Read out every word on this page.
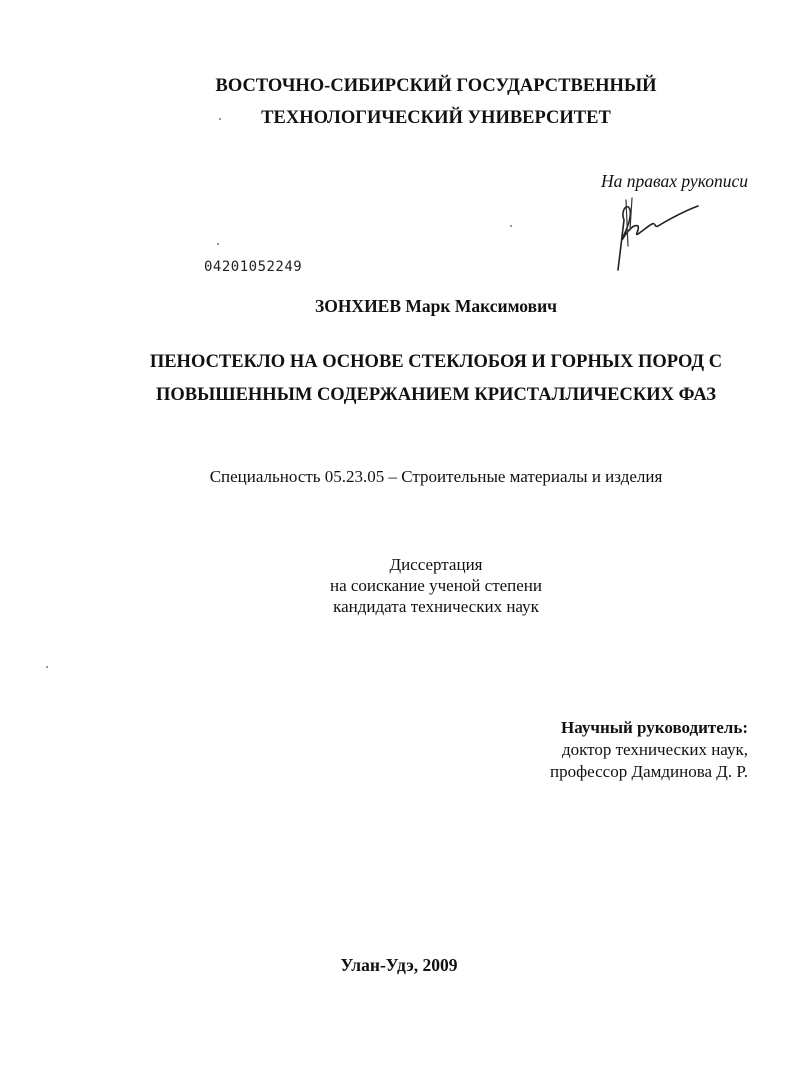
ВОСТОЧНО-СИБИРСКИЙ ГОСУДАРСТВЕННЫЙ
ТЕХНОЛОГИЧЕСКИЙ УНИВЕРСИТЕТ
На правах рукописи
04201052249
ЗОНХИЕВ Марк Максимович
ПЕНОСТЕКЛО НА ОСНОВЕ СТЕКЛОБОЯ И ГОРНЫХ ПОРОД С
ПОВЫШЕННЫМ СОДЕРЖАНИЕМ КРИСТАЛЛИЧЕСКИХ ФАЗ
Специальность 05.23.05 – Строительные материалы и изделия
Диссертация
на соискание ученой степени
кандидата технических наук
Научный руководитель:
доктор технических наук,
профессор Дамдинова Д. Р.
Улан-Удэ, 2009
